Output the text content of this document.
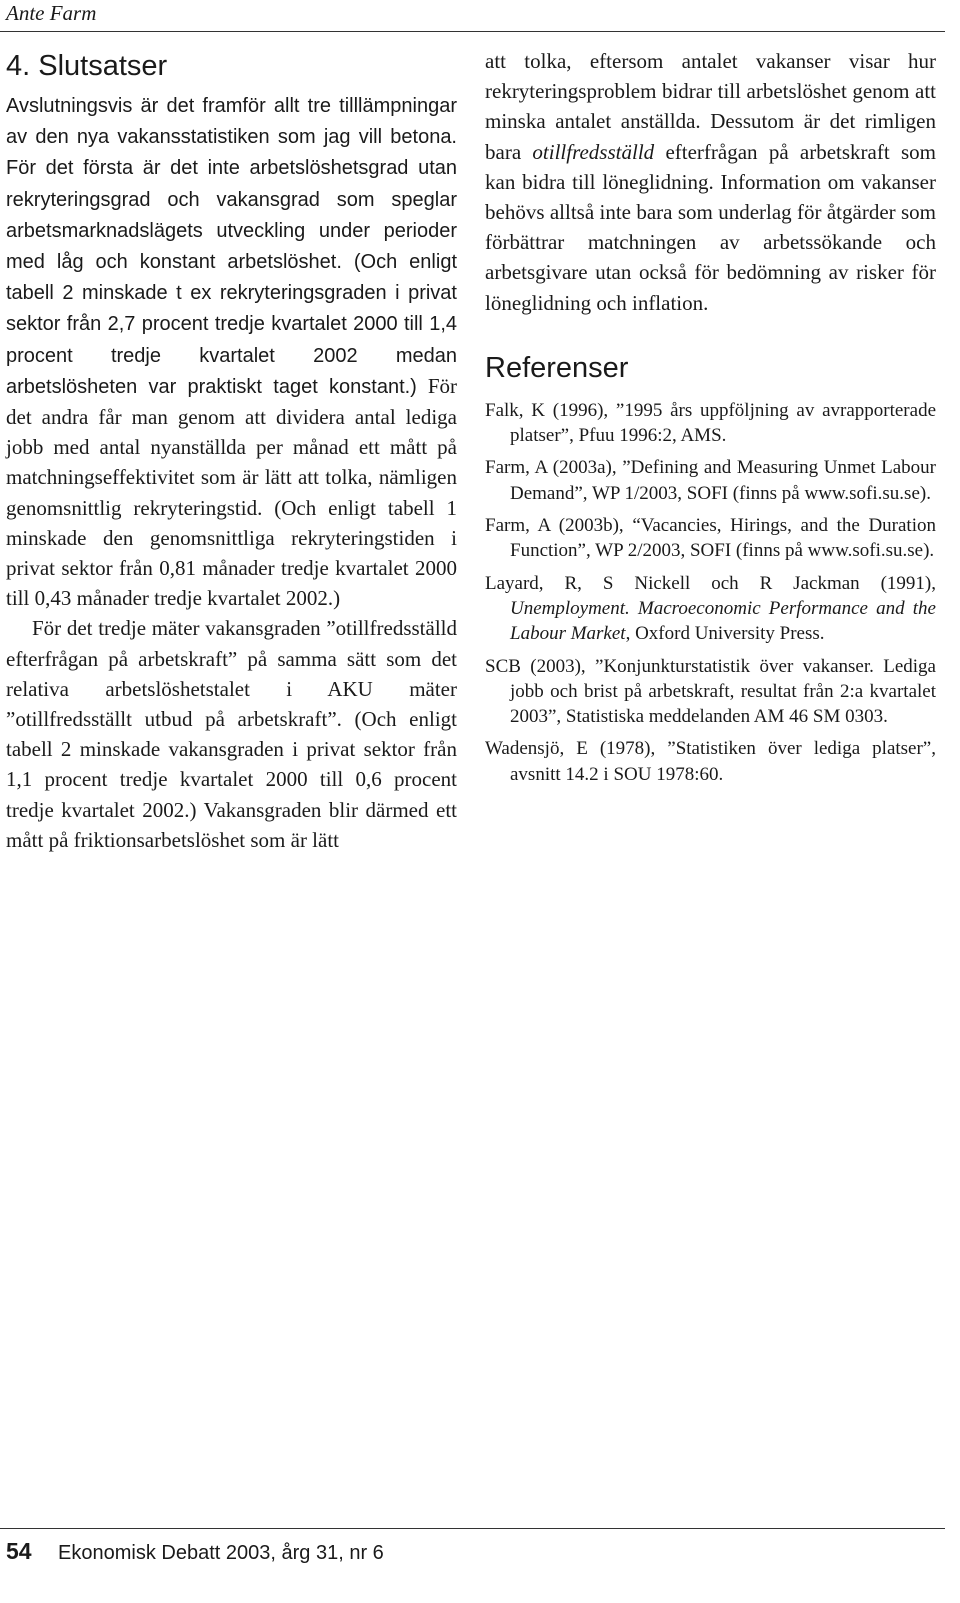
Ante Farm
4. Slutsatser

Avslutningsvis är det framför allt tre tilllämpningar av den nya vakansstatistiken som jag vill betona. För det första är det inte arbetslöshetsgrad utan rekryteringsgrad och vakansgrad som speglar arbetsmarknadslägets utveckling under perioder med låg och konstant arbetslöshet. (Och enligt tabell 2 minskade t ex rekryteringsgraden i privat sektor från 2,7 procent tredje kvartalet 2000 till 1,4 procent tredje kvartalet 2002 medan arbetslösheten var praktiskt taget konstant.) För det andra får man genom att dividera antal lediga jobb med antal nyanställda per månad ett mått på matchningseffektivitet som är lätt att tolka, nämligen genomsnittlig rekryteringstid. (Och enligt tabell 1 minskade den genomsnittliga rekryteringstiden i privat sektor från 0,81 månader tredje kvartalet 2000 till 0,43 månader tredje kvartalet 2002.)

För det tredje mäter vakansgraden ”otillfredsställd efterfrågan på arbetskraft” på samma sätt som det relativa arbetslöshetstalet i AKU mäter ”otillfredsställt utbud på arbetskraft”. (Och enligt tabell 2 minskade vakansgraden i privat sektor från 1,1 procent tredje kvartalet 2000 till 0,6 procent tredje kvartalet 2002.) Vakansgraden blir därmed ett mått på friktionsarbetslöshet som är lätt

att tolka, eftersom antalet vakanser visar hur rekryteringsproblem bidrar till arbetslöshet genom att minska antalet anställda. Dessutom är det rimligen bara otillfredsställd efterfrågan på arbetskraft som kan bidra till löneglidning. Information om vakanser behövs alltså inte bara som underlag för åtgärder som förbättrar matchningen av arbetssökande och arbetsgivare utan också för bedömning av risker för löneglidning och inflation.

Referenser
Falk, K (1996), ”1995 års uppföljning av avrapporterade platser”, Pfuu 1996:2, AMS.
Farm, A (2003a), ”Defining and Measuring Unmet Labour Demand”, WP 1/2003, SOFI (finns på www.sofi.su.se).
Farm, A (2003b), “Vacancies, Hirings, and the Duration Function”, WP 2/2003, SOFI (finns på www.sofi.su.se).
Layard, R, S Nickell och R Jackman (1991), Unemployment. Macroeconomic Performance and the Labour Market, Oxford University Press.
SCB (2003), ”Konjunkturstatistik över vakanser. Lediga jobb och brist på arbetskraft, resultat från 2:a kvartalet 2003”, Statistiska meddelanden AM 46 SM 0303.
Wadensjö, E (1978), ”Statistiken över lediga platser”, avsnitt 14.2 i SOU 1978:60.
54 Ekonomisk Debatt 2003, årg 31, nr 6
